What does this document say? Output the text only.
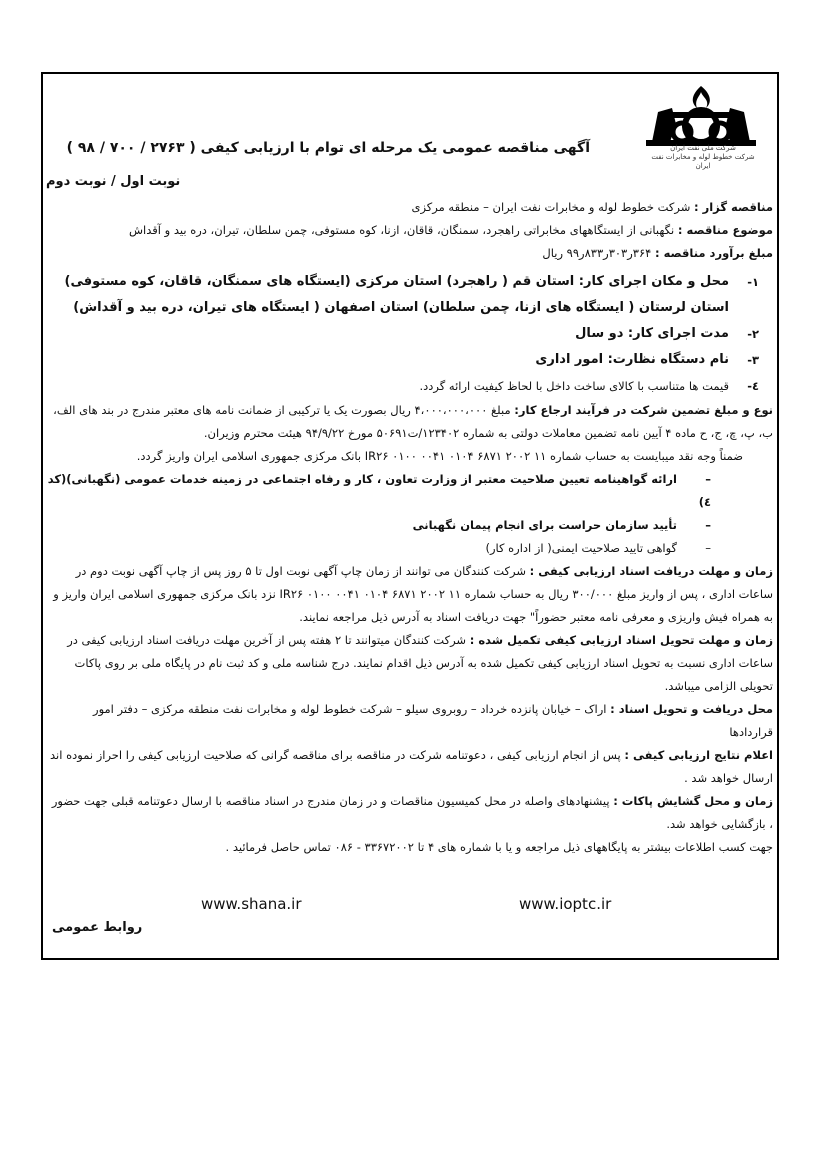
شرکت ملی نفت ایران
شرکت خطوط لوله و مخابرات نفت ایران
آگهی مناقصه عمومی یک مرحله ای توام با ارزیابی کیفی ( ۲۷۶۳ / ۷۰۰ / ۹۸ )
نوبت اول / نوبت دوم

مناقصه گزار : شرکت خطوط لوله و مخابرات نفت ایران – منطقه مرکزی

موضوع مناقصه : نگهبانی از ایستگاههای مخابراتی راهجرد، سمنگان، قاقان، ازنا، کوه مستوفی، چمن سلطان، تیران، دره بید و آقداش

مبلغ برآورد مناقصه : ۳۶۴ر۳۰۳ر۸۳۳ر۹۹ ریال

۱-
محل و مکان اجرای کار: استان قم ( راهجرد) استان مرکزی (ایستگاه های سمنگان، قاقان، کوه مستوفی) استان لرستان ( ایستگاه های ازنا، چمن سلطان) استان اصفهان ( ایستگاه های تیران، دره بید و آقداش)
۲-
مدت اجرای کار: دو سال
۳-
نام دستگاه نظارت: امور اداری
٤-
قیمت ها متناسب با کالای ساخت داخل با لحاظ کیفیت ارائه گردد.

نوع و مبلغ تضمین شرکت در فرآیند ارجاع کار: مبلغ ۴،۰۰۰،۰۰۰،۰۰۰ ریال بصورت یک یا ترکیبی از ضمانت نامه های معتبر مندرج در بند های الف، ب، پ، چ، ج، ح ماده ۴ آیین نامه تضمین معاملات دولتی به شماره ۱۲۳۴۰۲/ت۵۰۶۹۱ مورخ ۹۴/۹/۲۲ هیئت محترم وزیران.

ضمناً وجه نقد میبایست به حساب شماره IR۲۶ ۰۱۰۰ ۰۰۴۱ ۰۱۰۴ ۶۸۷۱ ۲۰۰۲ ۱۱ بانک مرکزی جمهوری اسلامی ایران واریز گردد.

–ارائه گواهینامه تعیین صلاحیت معتبر از وزارت تعاون ، کار و رفاه اجتماعی در زمینه خدمات عمومی (نگهبانی)(کد ٤)

–تأیید سازمان حراست برای انجام پیمان نگهبانی

–گواهی تایید صلاحیت ایمنی( از اداره کار)

زمان و مهلت دریافت اسناد ارزیابی کیفی : شرکت کنندگان می توانند از زمان چاپ آگهی نوبت اول تا ۵ روز پس از چاپ آگهی نوبت دوم در ساعات اداری ، پس از واریز مبلغ ۳۰۰/۰۰۰ ریال به حساب شماره IR۲۶ ۰۱۰۰ ۰۰۴۱ ۰۱۰۴ ۶۸۷۱ ۲۰۰۲ ۱۱ نزد بانک مرکزی جمهوری اسلامی ایران واریز و به همراه فیش واریزی و معرفی نامه معتبر حضوراً" جهت دریافت اسناد به آدرس ذیل مراجعه نمایند.

زمان و مهلت تحویل اسناد ارزیابی کیفی تکمیل شده : شرکت کنندگان میتوانند تا ۲ هفته پس از آخرین مهلت دریافت اسناد ارزیابی کیفی در ساعات اداری نسبت به تحویل اسناد ارزیابی کیفی تکمیل شده به آدرس ذیل اقدام نمایند. درج شناسه ملی و کد ثبت نام در پایگاه ملی بر روی پاکات تحویلی الزامی میباشد.

محل دریافت و تحویل اسناد : اراک – خیابان پانزده خرداد – روبروی سیلو – شرکت خطوط لوله و مخابرات نفت منطقه مرکزی – دفتر امور قراردادها

اعلام نتایج ارزیابی کیفی : پس از انجام ارزیابی کیفی ، دعوتنامه شرکت در مناقصه برای مناقصه گرانی که صلاحیت ارزیابی کیفی را احراز نموده اند ارسال خواهد شد .

زمان و محل گشایش پاکات : پیشنهادهای واصله در محل کمیسیون مناقصات و در زمان مندرج در اسناد مناقصه با ارسال دعوتنامه قبلی جهت حضور ، بازگشایی خواهد شد.

جهت کسب اطلاعات بیشتر به پایگاههای ذیل مراجعه و یا با شماره های ۴ تا ۳۳۶۷۲۰۰۲ - ۰۸۶ تماس حاصل فرمائید .

www.shana.ir	www.ioptc.ir
روابط عمومی
